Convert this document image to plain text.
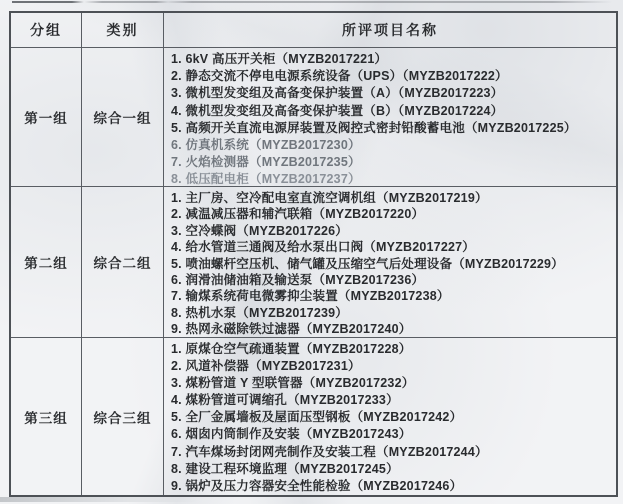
分组	类别	所评项目名称
第一组 综合一组
1. 6kV 高压开关柜（MYZB2017221）
2. 静态交流不停电电源系统设备（UPS）（MYZB2017222）
3. 微机型发变组及高备变保护装置（A）（MYZB2017223）
4. 微机型发变组及高备变保护装置（B）（MYZB2017224）
5. 高频开关直流电源屏装置及阀控式密封铅酸蓄电池（MYZB2017225）
6. 仿真机系统（MYZB2017230）
7. 火焰检测器（MYZB2017235）
8. 低压配电柜（MYZB2017237）
第二组 综合二组
1. 主厂房、空冷配电室直流空调机组（MYZB2017219）
2. 减温减压器和辅汽联箱（MYZB2017220）
3. 空冷蝶阀（MYZB2017226）
4. 给水管道三通阀及给水泵出口阀（MYZB2017227）
5. 喷油螺杆空压机、储气罐及压缩空气后处理设备（MYZB2017229）
6. 润滑油储油箱及输送泵（MYZB2017236）
7. 输煤系统荷电微雾抑尘装置（MYZB2017238）
8. 热机水泵（MYZB2017239）
9. 热网永磁除铁过滤器（MYZB2017240）
第三组 综合三组
1. 原煤仓空气疏通装置（MYZB2017228）
2. 风道补偿器（MYZB2017231）
3. 煤粉管道 Y 型联管器（MYZB2017232）
4. 煤粉管道可调缩孔（MYZB2017233）
5. 全厂金属墙板及屋面压型钢板（MYZB2017242）
6. 烟囱内筒制作及安装（MYZB2017243）
7. 汽车煤场封闭网壳制作及安装工程（MYZB2017244）
8. 建设工程环境监理（MYZB2017245）
9. 锅炉及压力容器安全性能检验（MYZB2017246）
